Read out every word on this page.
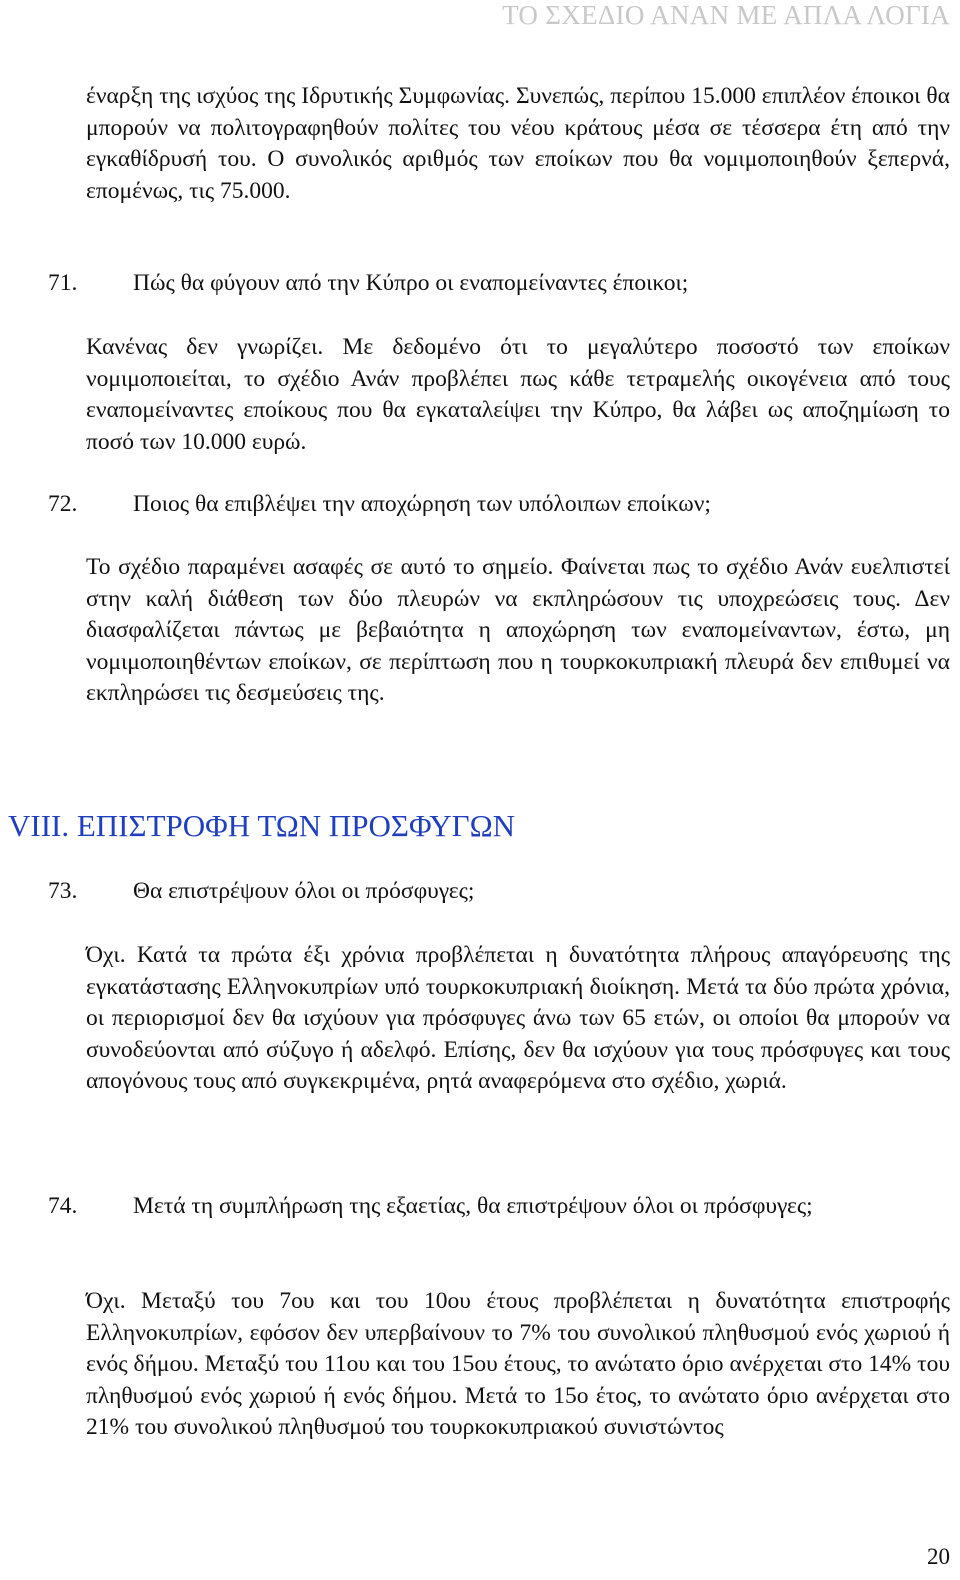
ΤΟ ΣΧΕΔΙΟ ΑΝΑΝ ΜΕ ΑΠΛΑ ΛΟΓΙΑ

έναρξη της ισχύος της Ιδρυτικής Συμφωνίας. Συνεπώς, περίπου 15.000 επιπλέον έποικοι θα μπορούν να πολιτογραφηθούν πολίτες του νέου κράτους μέσα σε τέσσερα έτη από την εγκαθίδρυσή του. Ο συνολικός αριθμός των εποίκων που θα νομιμοποιηθούν ξεπερνά, επομένως, τις 75.000.

71. Πώς θα φύγουν από την Κύπρο οι εναπομείναντες έποικοι;

Κανένας δεν γνωρίζει. Με δεδομένο ότι το μεγαλύτερο ποσοστό των εποίκων νομιμοποιείται, το σχέδιο Ανάν προβλέπει πως κάθε τετραμελής οικογένεια από τους εναπομείναντες εποίκους που θα εγκαταλείψει την Κύπρο, θα λάβει ως αποζημίωση το ποσό των 10.000 ευρώ.

72. Ποιος θα επιβλέψει την αποχώρηση των υπόλοιπων εποίκων;

Το σχέδιο παραμένει ασαφές σε αυτό το σημείο. Φαίνεται πως το σχέδιο Ανάν ευελπιστεί στην καλή διάθεση των δύο πλευρών να εκπληρώσουν τις υποχρεώσεις τους. Δεν διασφαλίζεται πάντως με βεβαιότητα η αποχώρηση των εναπομείναντων, έστω, μη νομιμοποιηθέντων εποίκων, σε περίπτωση που η τουρκοκυπριακή πλευρά δεν επιθυμεί να εκπληρώσει τις δεσμεύσεις της.

VIII. ΕΠΙΣΤΡΟΦΗ ΤΩΝ ΠΡΟΣΦΥΓΩΝ
73. Θα επιστρέψουν όλοι οι πρόσφυγες;

Όχι. Κατά τα πρώτα έξι χρόνια προβλέπεται η δυνατότητα πλήρους απαγόρευσης της εγκατάστασης Ελληνοκυπρίων υπό τουρκοκυπριακή διοίκηση. Μετά τα δύο πρώτα χρόνια, οι περιορισμοί δεν θα ισχύουν για πρόσφυγες άνω των 65 ετών, οι οποίοι θα μπορούν να συνοδεύονται από σύζυγο ή αδελφό. Επίσης, δεν θα ισχύουν για τους πρόσφυγες και τους απογόνους τους από συγκεκριμένα, ρητά αναφερόμενα στο σχέδιο, χωριά.

74. Μετά τη συμπλήρωση της εξαετίας, θα επιστρέψουν όλοι οι πρόσφυγες;

Όχι. Μεταξύ του 7ου και του 10ου έτους προβλέπεται η δυνατότητα επιστροφής Ελληνοκυπρίων, εφόσον δεν υπερβαίνουν το 7% του συνολικού πληθυσμού ενός χωριού ή ενός δήμου. Μεταξύ του 11ου και του 15ου έτους, το ανώτατο όριο ανέρχεται στο 14% του πληθυσμού ενός χωριού ή ενός δήμου. Μετά το 15ο έτος, το ανώτατο όριο ανέρχεται στο 21% του συνολικού πληθυσμού του τουρκοκυπριακού συνιστώντος

20
